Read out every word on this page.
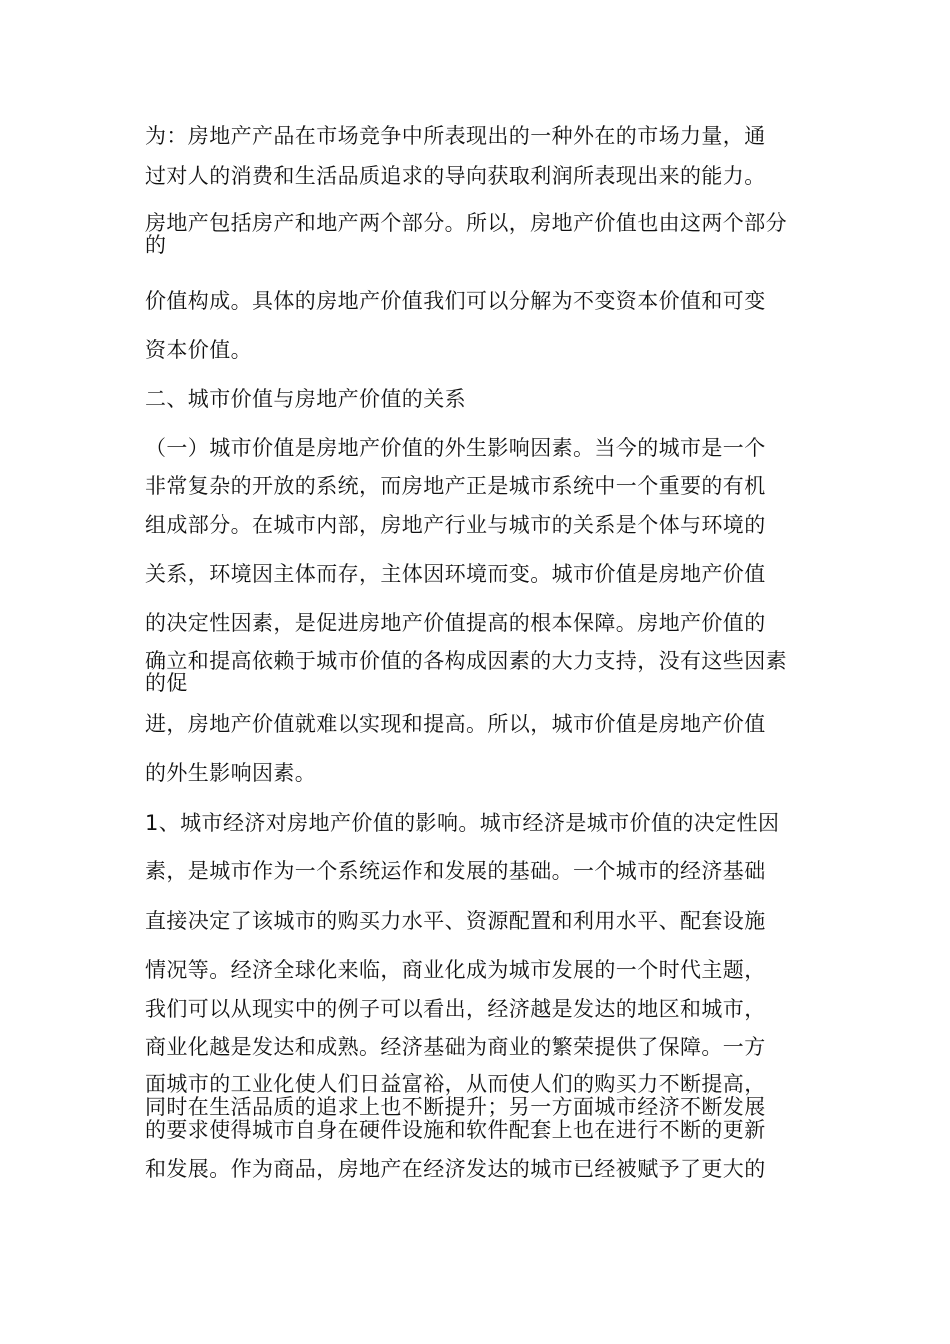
为：房地产产品在市场竞争中所表现出的一种外在的市场力量，通

过对人的消费和生活品质追求的导向获取利润所表现出来的能力。

房地产包括房产和地产两个部分。所以，房地产价值也由这两个部分的

价值构成。具体的房地产价值我们可以分解为不变资本价值和可变

资本价值。

二、城市价值与房地产价值的关系

（一）城市价值是房地产价值的外生影响因素。当今的城市是一个

非常复杂的开放的系统，而房地产正是城市系统中一个重要的有机

组成部分。在城市内部，房地产行业与城市的关系是个体与环境的

关系，环境因主体而存，主体因环境而变。城市价值是房地产价值

的决定性因素，是促进房地产价值提高的根本保障。房地产价值的

确立和提高依赖于城市价值的各构成因素的大力支持，没有这些因素的促

进，房地产价值就难以实现和提高。所以，城市价值是房地产价值

的外生影响因素。

1、城市经济对房地产价值的影响。城市经济是城市价值的决定性因

素，是城市作为一个系统运作和发展的基础。一个城市的经济基础

直接决定了该城市的购买力水平、资源配置和利用水平、配套设施

情况等。经济全球化来临，商业化成为城市发展的一个时代主题，

我们可以从现实中的例子可以看出，经济越是发达的地区和城市，

商业化越是发达和成熟。经济基础为商业的繁荣提供了保障。一方

面城市的工业化使人们日益富裕，从而使人们的购买力不断提高，

同时在生活品质的追求上也不断提升；另一方面城市经济不断发展

的要求使得城市自身在硬件设施和软件配套上也在进行不断的更新

和发展。作为商品，房地产在经济发达的城市已经被赋予了更大的
